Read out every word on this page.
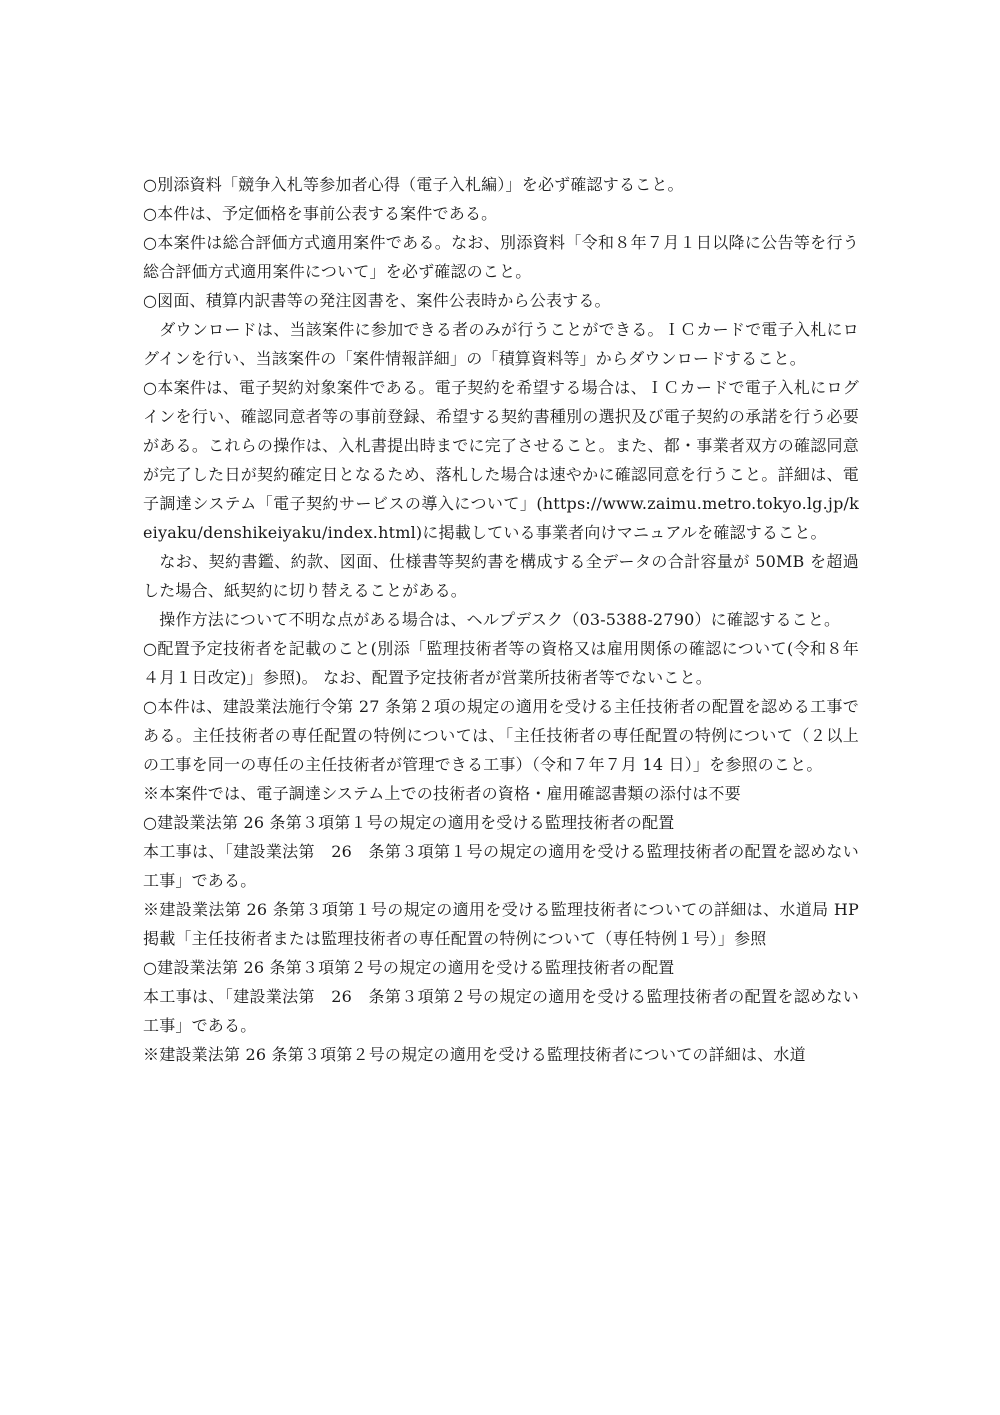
○別添資料「競争入札等参加者心得（電子入札編）」を必ず確認すること。

○本件は、予定価格を事前公表する案件である。

○本案件は総合評価方式適用案件である。なお、別添資料「令和８年７月１日以降に公告等を行う総合評価方式適用案件について」を必ず確認のこと。

○図面、積算内訳書等の発注図書を、案件公表時から公表する。

　ダウンロードは、当該案件に参加できる者のみが行うことができる。ＩＣカードで電子入札にログインを行い、当該案件の「案件情報詳細」の「積算資料等」からダウンロードすること。

○本案件は、電子契約対象案件である。電子契約を希望する場合は、ＩＣカードで電子入札にログインを行い、確認同意者等の事前登録、希望する契約書種別の選択及び電子契約の承諾を行う必要がある。これらの操作は、入札書提出時までに完了させること。また、都・事業者双方の確認同意が完了した日が契約確定日となるため、落札した場合は速やかに確認同意を行うこと。詳細は、電子調達システム「電子契約サービスの導入について」(https://www.zaimu.metro.tokyo.lg.jp/keiyaku/denshikeiyaku/index.html)に掲載している事業者向けマニュアルを確認すること。

　なお、契約書鑑、約款、図面、仕様書等契約書を構成する全データの合計容量が 50MB を超過した場合、紙契約に切り替えることがある。

　操作方法について不明な点がある場合は、ヘルプデスク（03-5388-2790）に確認すること。

○配置予定技術者を記載のこと(別添「監理技術者等の資格又は雇用関係の確認について(令和８年４月１日改定)」参照)。 なお、配置予定技術者が営業所技術者等でないこと。

○本件は、建設業法施行令第 27 条第２項の規定の適用を受ける主任技術者の配置を認める工事である。主任技術者の専任配置の特例については、「主任技術者の専任配置の特例について（２以上の工事を同一の専任の主任技術者が管理できる工事）（令和７年７月 14 日）」を参照のこと。

※本案件では、電子調達システム上での技術者の資格・雇用確認書類の添付は不要

○建設業法第 26 条第３項第１号の規定の適用を受ける監理技術者の配置

本工事は、「建設業法第　26　条第３項第１号の規定の適用を受ける監理技術者の配置を認めない工事」である。

※建設業法第 26 条第３項第１号の規定の適用を受ける監理技術者についての詳細は、水道局 HP 掲載「主任技術者または監理技術者の専任配置の特例について（専任特例１号）」参照

○建設業法第 26 条第３項第２号の規定の適用を受ける監理技術者の配置

本工事は、「建設業法第　26　条第３項第２号の規定の適用を受ける監理技術者の配置を認めない工事」である。

※建設業法第 26 条第３項第２号の規定の適用を受ける監理技術者についての詳細は、水道
